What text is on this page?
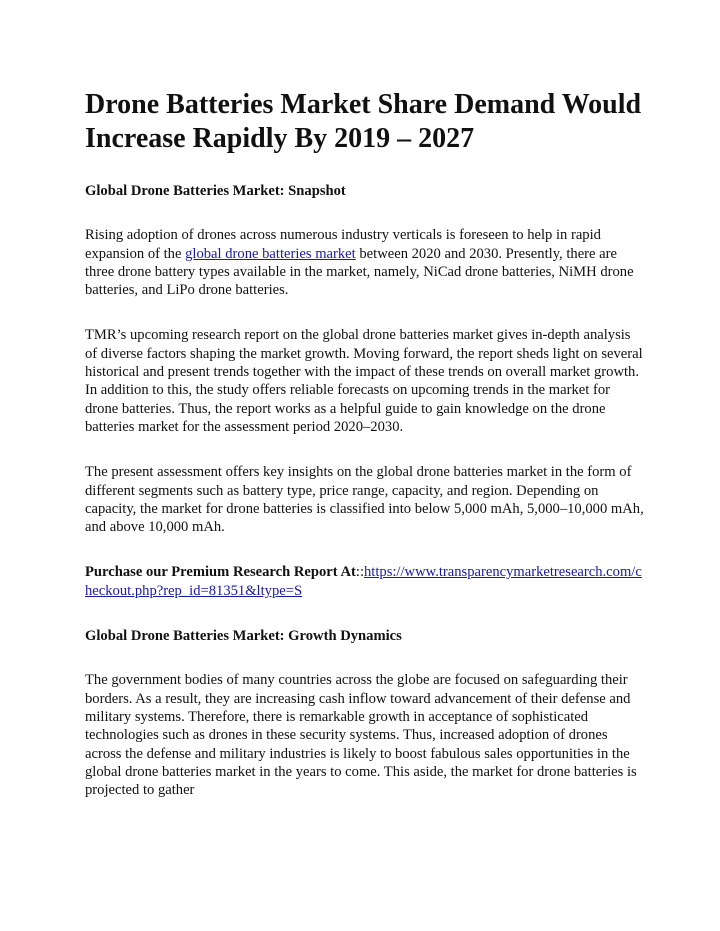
Drone Batteries Market Share Demand Would Increase Rapidly By 2019 – 2027

Global Drone Batteries Market: Snapshot

Rising adoption of drones across numerous industry verticals is foreseen to help in rapid expansion of the global drone batteries market between 2020 and 2030. Presently, there are three drone battery types available in the market, namely, NiCad drone batteries, NiMH drone batteries, and LiPo drone batteries.

TMR’s upcoming research report on the global drone batteries market gives in-depth analysis of diverse factors shaping the market growth. Moving forward, the report sheds light on several historical and present trends together with the impact of these trends on overall market growth. In addition to this, the study offers reliable forecasts on upcoming trends in the market for drone batteries. Thus, the report works as a helpful guide to gain knowledge on the drone batteries market for the assessment period 2020–2030.

The present assessment offers key insights on the global drone batteries market in the form of different segments such as battery type, price range, capacity, and region. Depending on capacity, the market for drone batteries is classified into below 5,000 mAh, 5,000–10,000 mAh, and above 10,000 mAh.

Purchase our Premium Research Report At::https://www.transparencymarketresearch.com/checkout.php?rep_id=81351&ltype=S

Global Drone Batteries Market: Growth Dynamics

The government bodies of many countries across the globe are focused on safeguarding their borders. As a result, they are increasing cash inflow toward advancement of their defense and military systems. Therefore, there is remarkable growth in acceptance of sophisticated technologies such as drones in these security systems. Thus, increased adoption of drones across the defense and military industries is likely to boost fabulous sales opportunities in the global drone batteries market in the years to come. This aside, the market for drone batteries is projected to gather
